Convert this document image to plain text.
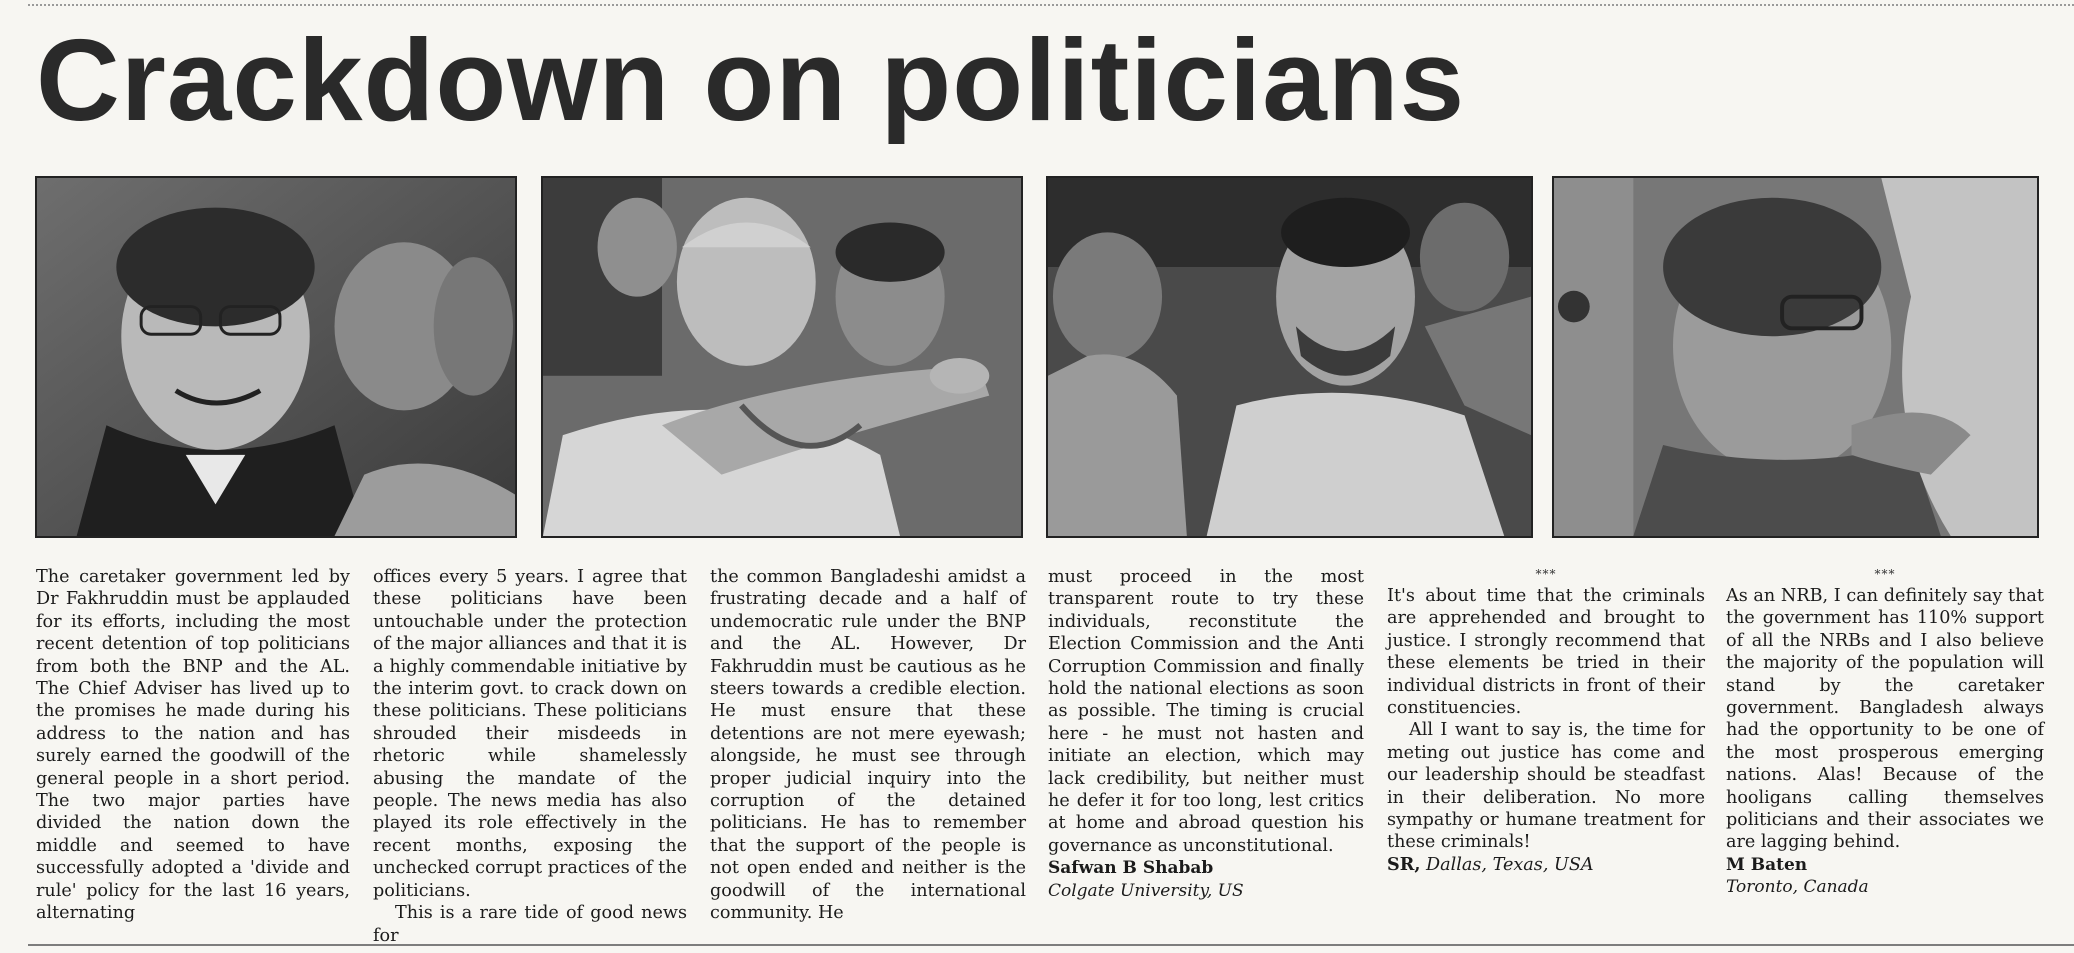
Crackdown on politicians

The caretaker government led by Dr Fakhruddin must be applauded for its efforts, including the most recent detention of top politicians from both the BNP and the AL. The Chief Adviser has lived up to the promises he made during his address to the nation and has surely earned the goodwill of the general people in a short period. The two major parties have divided the nation down the middle and seemed to have successfully adopted a 'divide and rule' policy for the last 16 years, alternating

offices every 5 years. I agree that these politicians have been untouchable under the protection of the major alliances and that it is a highly commendable initiative by the interim govt. to crack down on these politicians. These politicians shrouded their misdeeds in rhetoric while shamelessly abusing the mandate of the people. The news media has also played its role effectively in the recent months, exposing the unchecked corrupt practices of the politicians.

This is a rare tide of good news for

the common Bangladeshi amidst a frustrating decade and a half of undemocratic rule under the BNP and the AL. However, Dr Fakhruddin must be cautious as he steers towards a credible election. He must ensure that these detentions are not mere eyewash; alongside, he must see through proper judicial inquiry into the corruption of the detained politicians. He has to remember that the support of the people is not open ended and neither is the goodwill of the international community. He

must proceed in the most transparent route to try these individuals, reconstitute the Election Commission and the Anti Corruption Commission and finally hold the national elections as soon as possible. The timing is crucial here - he must not hasten and initiate an election, which may lack credibility, but neither must he defer it for too long, lest critics at home and abroad question his governance as unconstitutional.

Safwan B Shabab
Colgate University, US
***

It's about time that the criminals are apprehended and brought to justice. I strongly recommend that these elements be tried in their individual districts in front of their constituencies.

All I want to say is, the time for meting out justice has come and our leadership should be steadfast in their deliberation. No more sympathy or humane treatment for these criminals!

SR, Dallas, Texas, USA
***

As an NRB, I can definitely say that the government has 110% support of all the NRBs and I also believe the majority of the population will stand by the caretaker government. Bangladesh always had the opportunity to be one of the most prosperous emerging nations. Alas! Because of the hooligans calling themselves politicians and their associates we are lagging behind.

M Baten
Toronto, Canada
